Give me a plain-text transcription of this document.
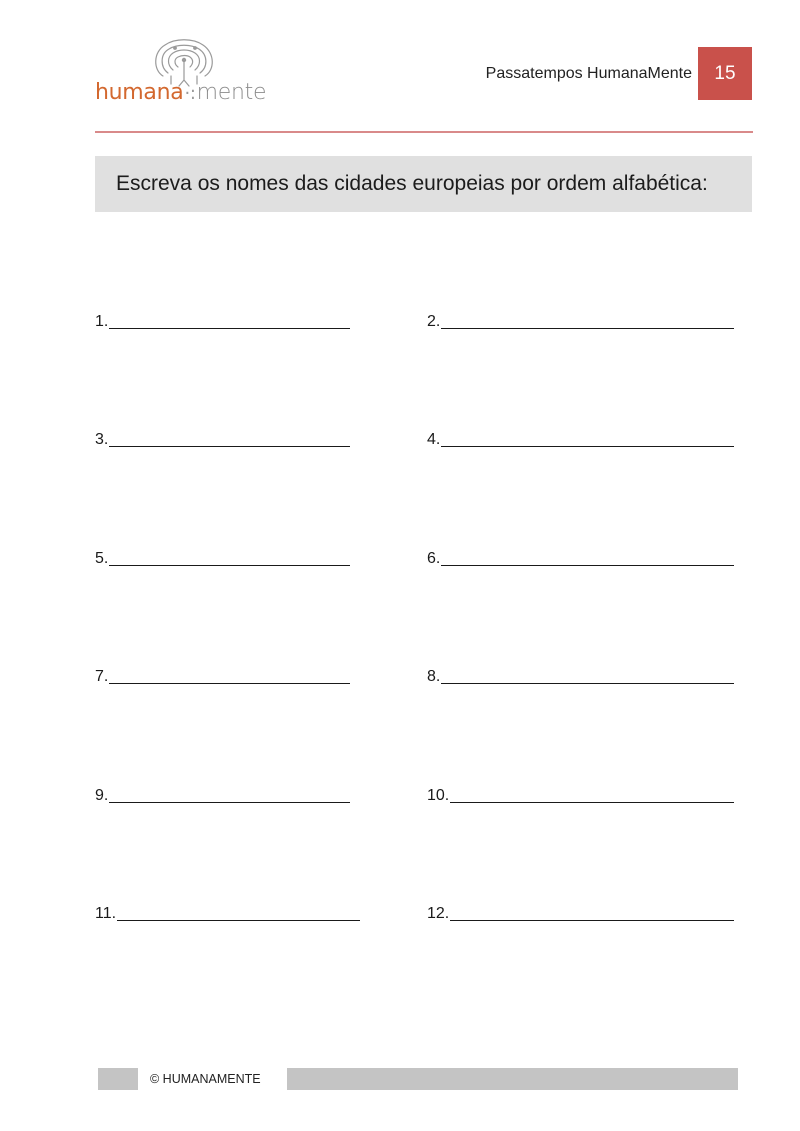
humana·:mente
Passatempos HumanaMente	15
Escreva os nomes das cidades europeias por ordem alfabética:
1.	2.
3.	4.
5.	6.
7.	8.
9.	10.
11.	12.
© HUMANAMENTE
